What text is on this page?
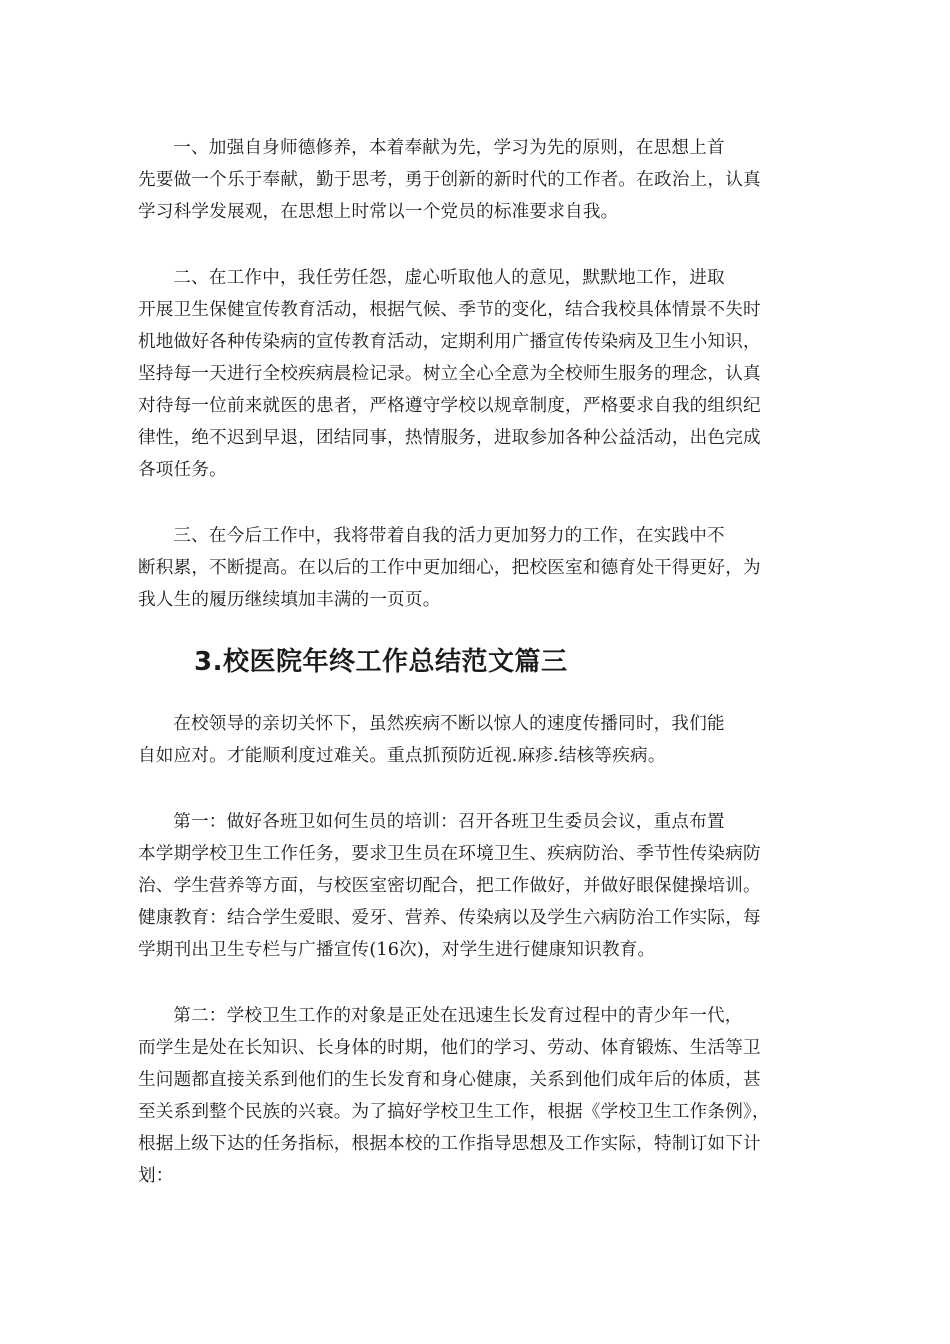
一、加强自身师德修养，本着奉献为先，学习为先的原则，在思想上首
先要做一个乐于奉献，勤于思考，勇于创新的新时代的工作者。在政治上，认真
学习科学发展观，在思想上时常以一个党员的标准要求自我。

二、在工作中，我任劳任怨，虚心听取他人的意见，默默地工作，进取
开展卫生保健宣传教育活动，根据气候、季节的变化，结合我校具体情景不失时
机地做好各种传染病的宣传教育活动，定期利用广播宣传传染病及卫生小知识，
坚持每一天进行全校疾病晨检记录。树立全心全意为全校师生服务的理念，认真
对待每一位前来就医的患者，严格遵守学校以规章制度，严格要求自我的组织纪
律性，绝不迟到早退，团结同事，热情服务，进取参加各种公益活动，出色完成
各项任务。

三、在今后工作中，我将带着自我的活力更加努力的工作，在实践中不
断积累，不断提高。在以后的工作中更加细心，把校医室和德育处干得更好，为
我人生的履历继续填加丰满的一页页。

3.校医院年终工作总结范文篇三

在校领导的亲切关怀下，虽然疾病不断以惊人的速度传播同时，我们能
自如应对。才能顺利度过难关。重点抓预防近视.麻疹.结核等疾病。

第一：做好各班卫如何生员的培训：召开各班卫生委员会议，重点布置
本学期学校卫生工作任务，要求卫生员在环境卫生、疾病防治、季节性传染病防
治、学生营养等方面，与校医室密切配合，把工作做好，并做好眼保健操培训。
健康教育：结合学生爱眼、爱牙、营养、传染病以及学生六病防治工作实际，每
学期刊出卫生专栏与广播宣传(16次)，对学生进行健康知识教育。

第二：学校卫生工作的对象是正处在迅速生长发育过程中的青少年一代，
而学生是处在长知识、长身体的时期，他们的学习、劳动、体育锻炼、生活等卫
生问题都直接关系到他们的生长发育和身心健康，关系到他们成年后的体质，甚
至关系到整个民族的兴衰。为了搞好学校卫生工作，根据《学校卫生工作条例》，
根据上级下达的任务指标，根据本校的工作指导思想及工作实际，特制订如下计
划：
